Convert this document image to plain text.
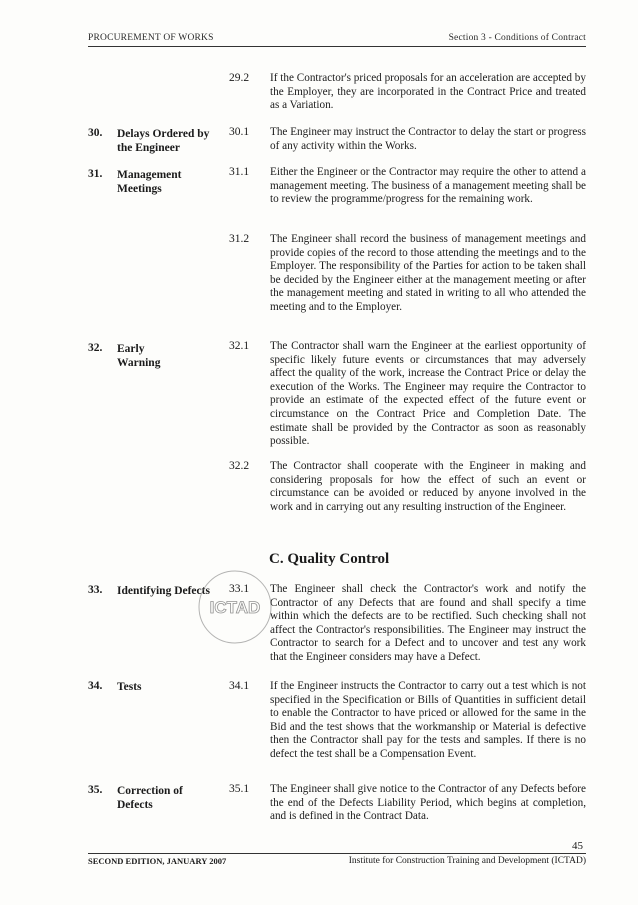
PROCUREMENT OF WORKS	Section 3 - Conditions of Contract
29.2 If the Contractor's priced proposals for an acceleration are accepted by the Employer, they are incorporated in the Contract Price and treated as a Variation.
30. Delays Ordered by the Engineer
30.1 The Engineer may instruct the Contractor to delay the start or progress of any activity within the Works.
31. Management Meetings
31.1 Either the Engineer or the Contractor may require the other to attend a management meeting. The business of a management meeting shall be to review the programme/progress for the remaining work.
31.2 The Engineer shall record the business of management meetings and provide copies of the record to those attending the meetings and to the Employer. The responsibility of the Parties for action to be taken shall be decided by the Engineer either at the management meeting or after the management meeting and stated in writing to all who attended the meeting and to the Employer.
32. Early Warning
32.1 The Contractor shall warn the Engineer at the earliest opportunity of specific likely future events or circumstances that may adversely affect the quality of the work, increase the Contract Price or delay the execution of the Works. The Engineer may require the Contractor to provide an estimate of the expected effect of the future event or circumstance on the Contract Price and Completion Date. The estimate shall be provided by the Contractor as soon as reasonably possible.
32.2 The Contractor shall cooperate with the Engineer in making and considering proposals for how the effect of such an event or circumstance can be avoided or reduced by anyone involved in the work and in carrying out any resulting instruction of the Engineer.
C. Quality Control
33. Identifying Defects	33.1 The Engineer shall check the Contractor's work and notify the Contractor of any Defects that are found and shall specify a time within which the defects are to be rectified. Such checking shall not affect the Contractor's responsibilities. The Engineer may instruct the Contractor to search for a Defect and to uncover and test any work that the Engineer considers may have a Defect.
ICTAD
34. Tests	34.1 If the Engineer instructs the Contractor to carry out a test which is not specified in the Specification or Bills of Quantities in sufficient detail to enable the Contractor to have priced or allowed for the same in the Bid and the test shows that the workmanship or Material is defective then the Contractor shall pay for the tests and samples. If there is no defect the test shall be a Compensation Event.
35. Correction of Defects
35.1 The Engineer shall give notice to the Contractor of any Defects before the end of the Defects Liability Period, which begins at completion, and is defined in the Contract Data.
45
SECOND EDITION, JANUARY 2007	Institute for Construction Training and Development (ICTAD)
